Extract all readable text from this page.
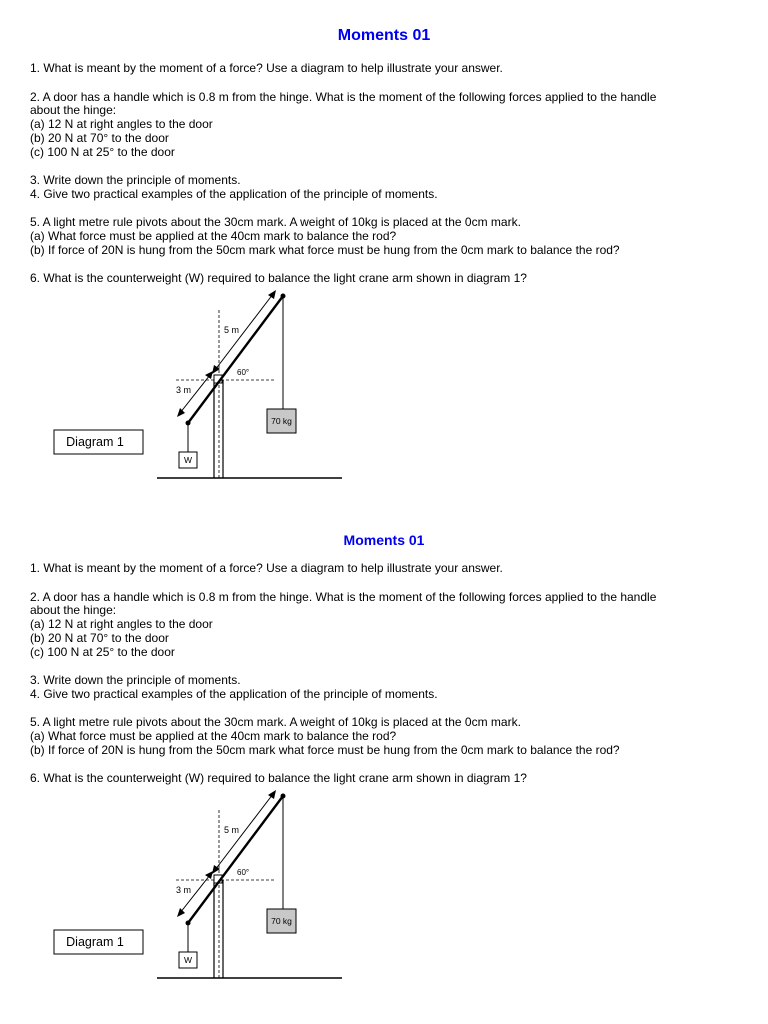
Moments 01
1. What is meant by the moment of a force? Use a diagram to help illustrate your answer.
2. A door has a handle which is 0.8 m from the hinge. What is the moment of the following forces applied to the handle
about the hinge:
(a) 12 N at right angles to the door
(b) 20 N at 70° to the door
(c) 100 N at 25° to the door
3. Write down the principle of moments.
4. Give two practical examples of the application of the principle of moments.
5. A light metre rule pivots about the 30cm mark. A weight of 10kg is placed at the 0cm mark.
(a) What force must be applied at the 40cm mark to balance the rod?
(b) If force of 20N is hung from the 50cm mark what force must be hung from the 0cm mark to balance the rod?
6. What is the counterweight (W) required to balance the light crane arm shown in diagram 1?
Diagram 1
5 m
3 m
60°
70 kg
W
Moments 01
1. What is meant by the moment of a force? Use a diagram to help illustrate your answer.
2. A door has a handle which is 0.8 m from the hinge. What is the moment of the following forces applied to the handle
about the hinge:
(a) 12 N at right angles to the door
(b) 20 N at 70° to the door
(c) 100 N at 25° to the door
3. Write down the principle of moments.
4. Give two practical examples of the application of the principle of moments.
5. A light metre rule pivots about the 30cm mark. A weight of 10kg is placed at the 0cm mark.
(a) What force must be applied at the 40cm mark to balance the rod?
(b) If force of 20N is hung from the 50cm mark what force must be hung from the 0cm mark to balance the rod?
6. What is the counterweight (W) required to balance the light crane arm shown in diagram 1?
Diagram 1
5 m
3 m
60°
70 kg
W
